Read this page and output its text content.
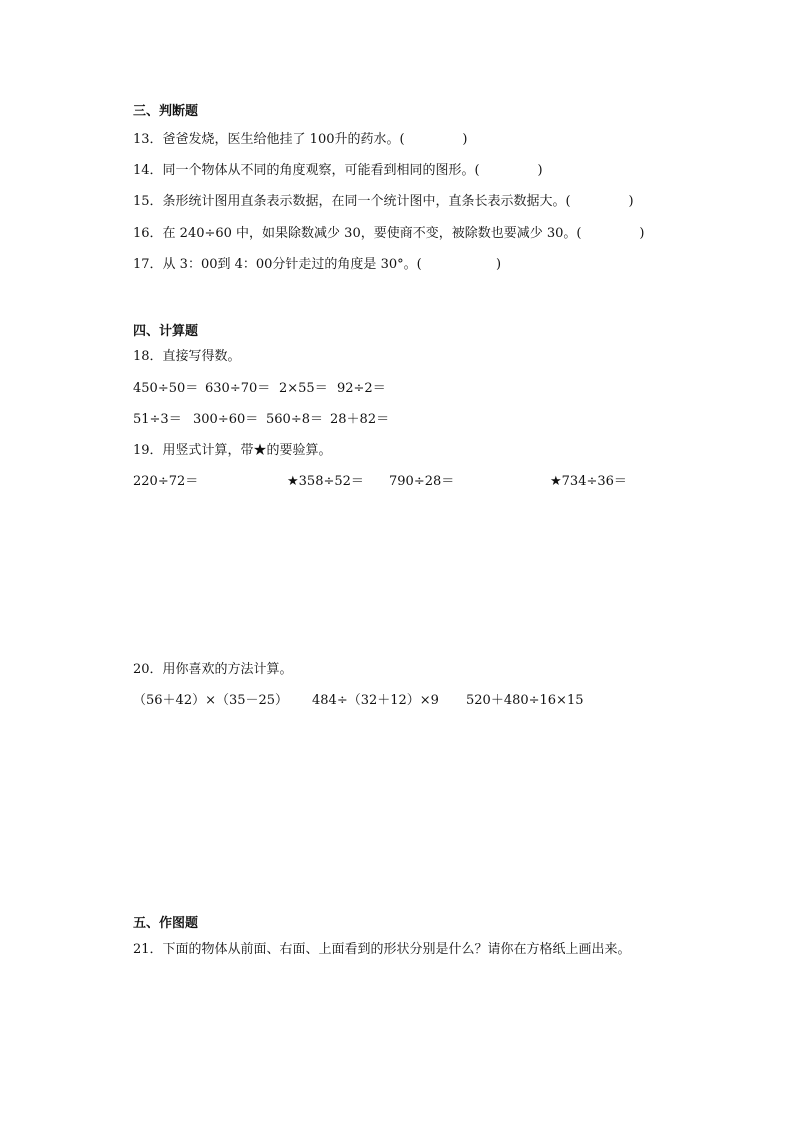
三、判断题
13．爸爸发烧，医生给他挂了 100升的药水。(              )
14．同一个物体从不同的角度观察，可能看到相同的图形。(              )
15．条形统计图用直条表示数据，在同一个统计图中，直条长表示数据大。(              )
16．在 240÷60 中，如果除数减少 30，要使商不变，被除数也要减少 30。(              )
17．从 3：00到 4：00分针走过的角度是 30°。(                  )
四、计算题
18．直接写得数。
450÷50＝ 630÷70＝ 2×55＝ 92÷2＝
51÷3＝ 300÷60＝ 560÷8＝ 28＋82＝
19．用竖式计算，带★的要验算。
220÷72＝	★358÷52＝ 790÷28＝	★734÷36＝
20．用你喜欢的方法计算。
（56＋42）×（35－25） 484÷（32＋12）×9 520＋480÷16×15
五、作图题
21．下面的物体从前面、右面、上面看到的形状分别是什么？请你在方格纸上画出来。
